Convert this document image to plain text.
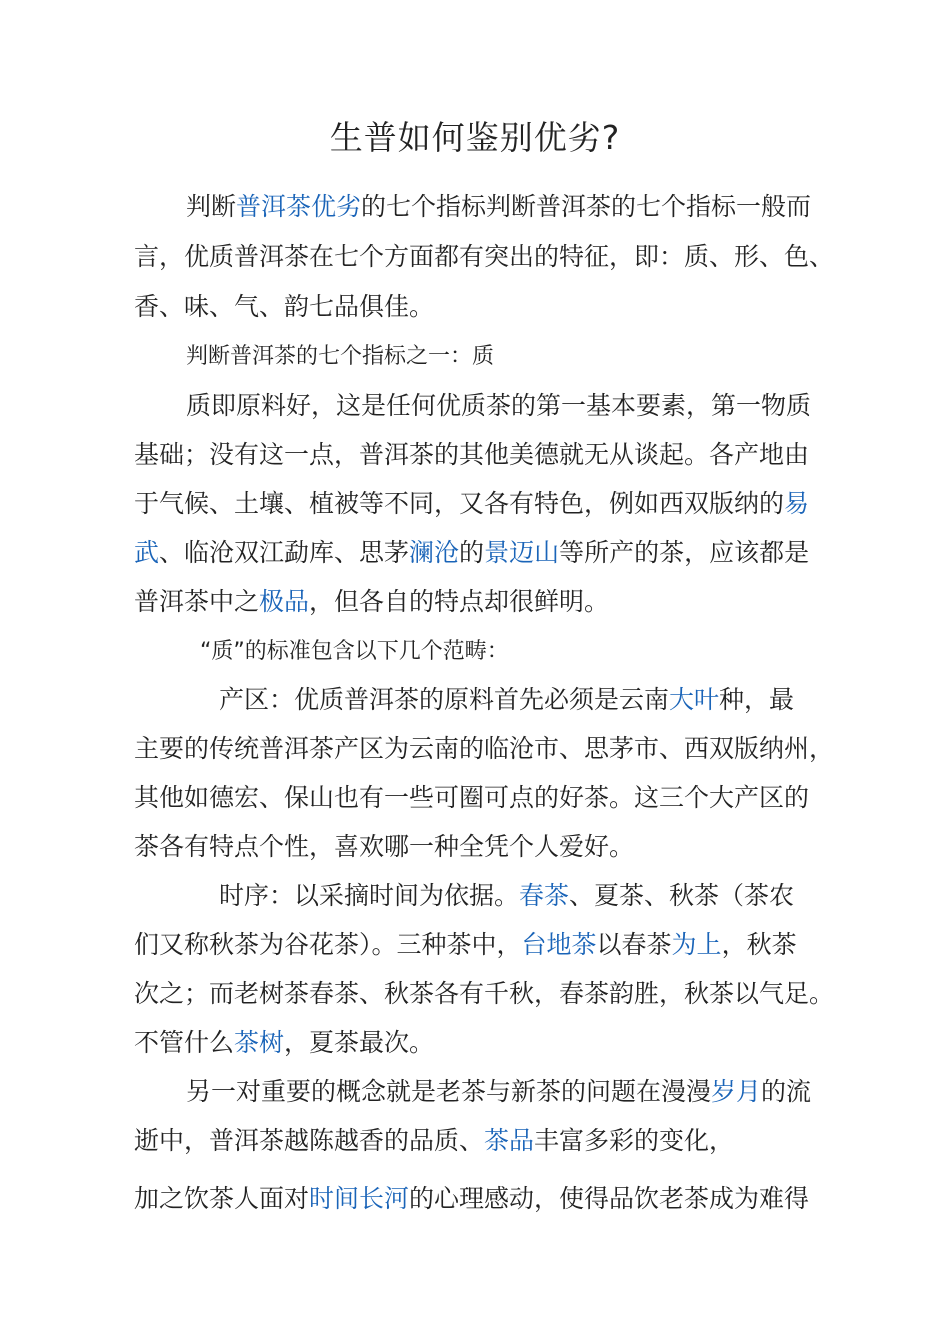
生普如何鉴别优劣?
判断普洱茶优劣的七个指标判断普洱茶的七个指标一般而
言，优质普洱茶在七个方面都有突出的特征，即：质、形、色、
香、味、气、韵七品俱佳。
判断普洱茶的七个指标之一：质
质即原料好，这是任何优质茶的第一基本要素，第一物质
基础；没有这一点，普洱茶的其他美德就无从谈起。各产地由
于气候、土壤、植被等不同，又各有特色，例如西双版纳的易
武、临沧双江勐库、思茅澜沧的景迈山等所产的茶，应该都是
普洱茶中之极品，但各自的特点却很鲜明。
“质”的标准包含以下几个范畴：
产区：优质普洱茶的原料首先必须是云南大叶种，最
主要的传统普洱茶产区为云南的临沧市、思茅市、西双版纳州，
其他如德宏、保山也有一些可圈可点的好茶。这三个大产区的
茶各有特点个性，喜欢哪一种全凭个人爱好。
时序：以采摘时间为依据。春茶、夏茶、秋茶（茶农
们又称秋茶为谷花茶）。三种茶中，台地茶以春茶为上，秋茶
次之；而老树茶春茶、秋茶各有千秋，春茶韵胜，秋茶以气足。
不管什么茶树，夏茶最次。
另一对重要的概念就是老茶与新茶的问题在漫漫岁月的流
逝中，普洱茶越陈越香的品质、茶品丰富多彩的变化，
加之饮茶人面对时间长河的心理感动，使得品饮老茶成为难得
